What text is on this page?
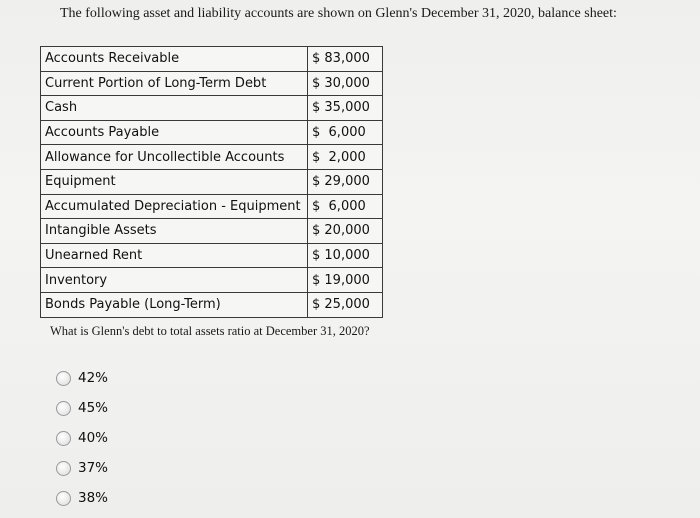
The following asset and liability accounts are shown on Glenn's December 31, 2020, balance sheet:
Accounts Receivable	$ 83,000
Current Portion of Long-Term Debt	$ 30,000
Cash	$ 35,000
Accounts Payable	$  6,000
Allowance for Uncollectible Accounts	$  2,000
Equipment	$ 29,000
Accumulated Depreciation - Equipment	$  6,000
Intangible Assets	$ 20,000
Unearned Rent	$ 10,000
Inventory	$ 19,000
Bonds Payable (Long-Term)	$ 25,000
What is Glenn's debt to total assets ratio at December 31, 2020?
42%
45%
40%
37%
38%
